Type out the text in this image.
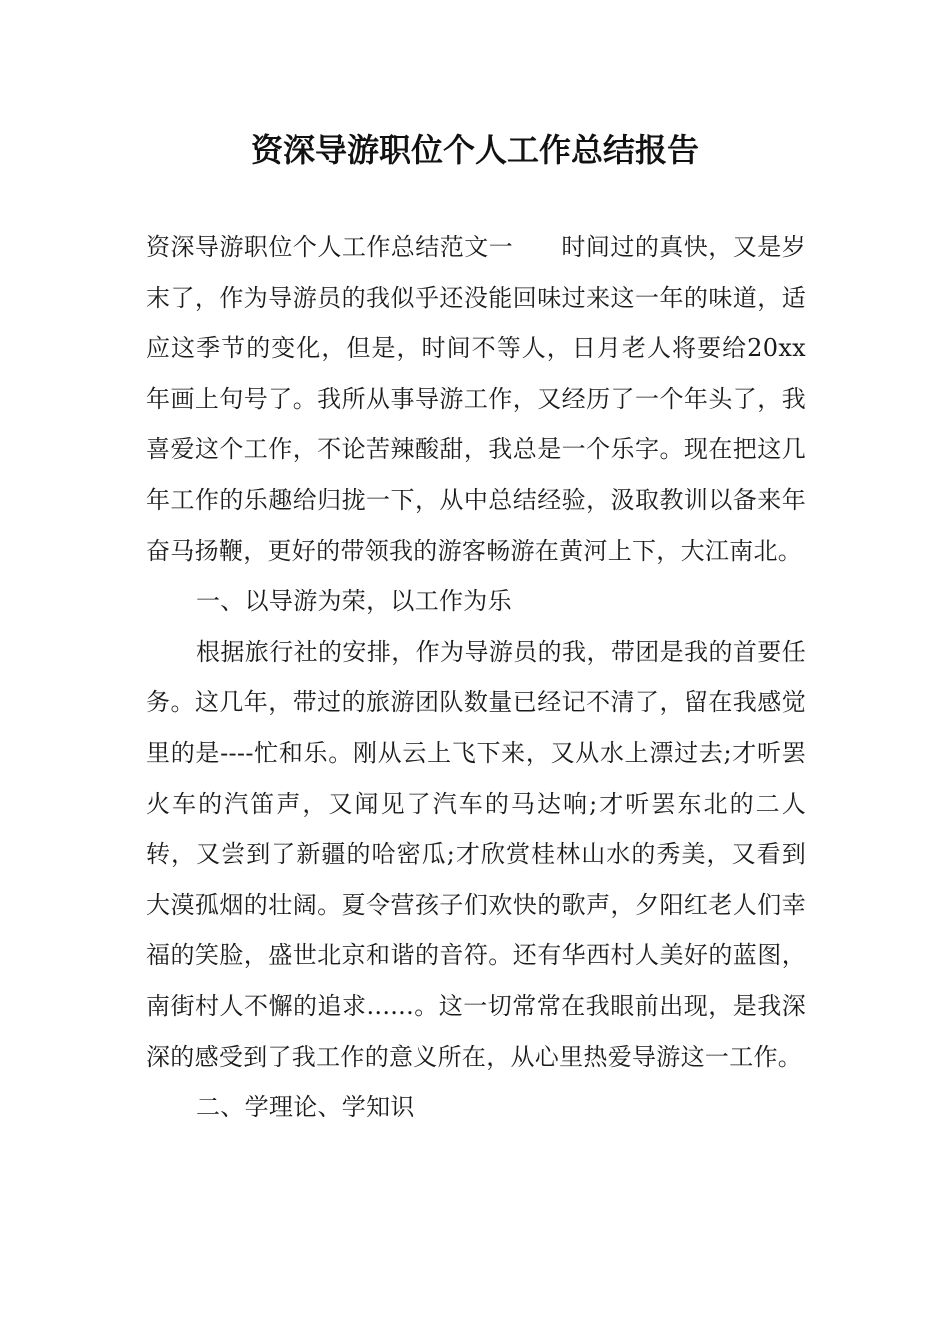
资深导游职位个人工作总结报告

资深导游职位个人工作总结范文一 时间过的真快，又是岁末了，作为导游员的我似乎还没能回味过来这一年的味道，适应这季节的变化，但是，时间不等人，日月老人将要给20xx年画上句号了。我所从事导游工作，又经历了一个年头了，我喜爱这个工作，不论苦辣酸甜，我总是一个乐字。现在把这几年工作的乐趣给归拢一下，从中总结经验，汲取教训以备来年奋马扬鞭，更好的带领我的游客畅游在黄河上下，大江南北。

一、以导游为荣，以工作为乐

根据旅行社的安排，作为导游员的我，带团是我的首要任务。这几年，带过的旅游团队数量已经记不清了，留在我感觉里的是----忙和乐。刚从云上飞下来，又从水上漂过去;才听罢火车的汽笛声，又闻见了汽车的马达响;才听罢东北的二人转，又尝到了新疆的哈密瓜;才欣赏桂林山水的秀美，又看到大漠孤烟的壮阔。夏令营孩子们欢快的歌声，夕阳红老人们幸福的笑脸，盛世北京和谐的音符。还有华西村人美好的蓝图，南街村人不懈的追求......。这一切常常在我眼前出现，是我深深的感受到了我工作的意义所在，从心里热爱导游这一工作。

二、学理论、学知识
